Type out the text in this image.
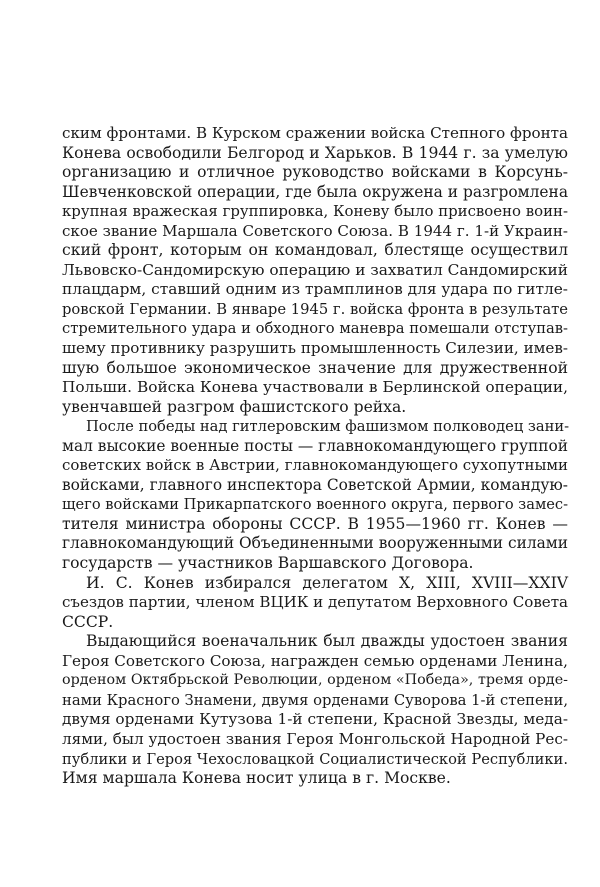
ским фронтами. В Курском сражении войска Степного фронта
Конева освободили Белгород и Харьков. В 1944 г. за умелую
организацию и отличное руководство войсками в Корсунь-
Шевченковской операции, где была окружена и разгромлена
крупная вражеская группировка, Коневу было присвоено воин-
ское звание Маршала Советского Союза. В 1944 г. 1-й Украин-
ский фронт, которым он командовал, блестяще осуществил
Львовско-Сандомирскую операцию и захватил Сандомирский
плацдарм, ставший одним из трамплинов для удара по гитле-
ровской Германии. В январе 1945 г. войска фронта в результате
стремительного удара и обходного маневра помешали отступав-
шему противнику разрушить промышленность Силезии, имев-
шую большое экономическое значение для дружественной
Польши. Войска Конева участвовали в Берлинской операции,
увенчавшей разгром фашистского рейха.
После победы над гитлеровским фашизмом полководец зани-
мал высокие военные посты — главнокомандующего группой
советских войск в Австрии, главнокомандующего сухопутными
войсками, главного инспектора Советской Армии, командую-
щего войсками Прикарпатского военного округа, первого замес-
тителя министра обороны СССР. В 1955—1960 гг. Конев —
главнокомандующий Объединенными вооруженными силами
государств — участников Варшавского Договора.
И. С. Конев избирался делегатом X, XIII, XVIII—XXIV
съездов партии, членом ВЦИК и депутатом Верховного Совета
СССР.
Выдающийся военачальник был дважды удостоен звания
Героя Советского Союза, награжден семью орденами Ленина,
орденом Октябрьской Революции, орденом «Победа», тремя орде-
нами Красного Знамени, двумя орденами Суворова 1-й степени,
двумя орденами Кутузова 1-й степени, Красной Звезды, меда-
лями, был удостоен звания Героя Монгольской Народной Рес-
публики и Героя Чехословацкой Социалистической Республики.
Имя маршала Конева носит улица в г. Москве.
